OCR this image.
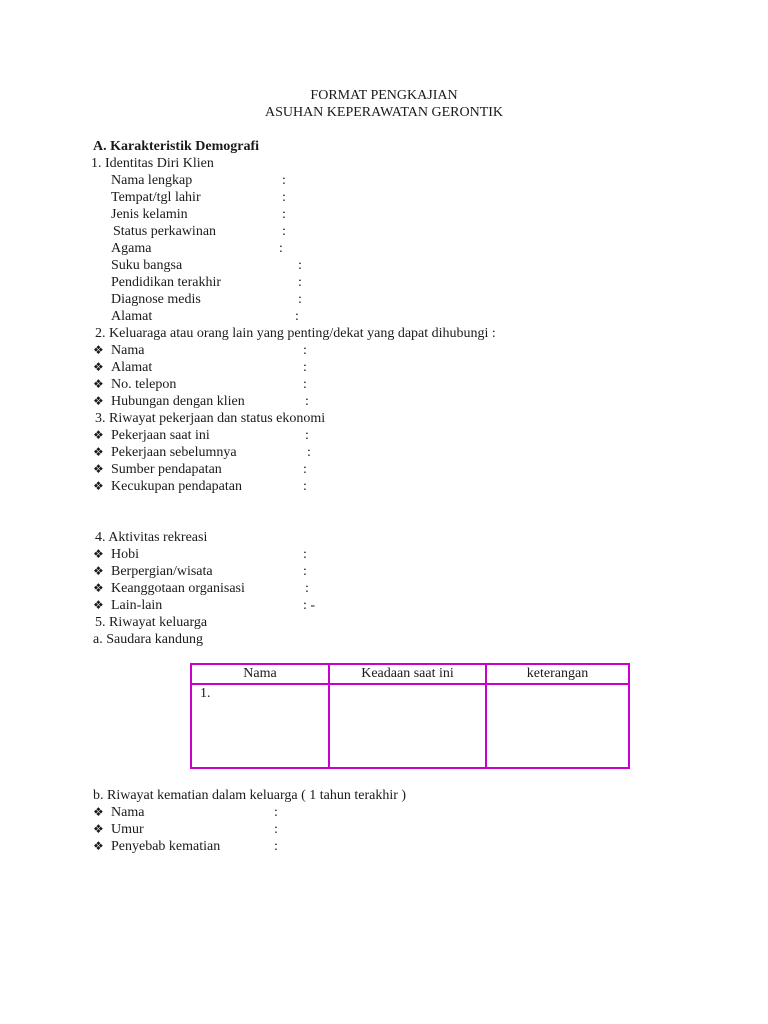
FORMAT PENGKAJIAN
ASUHAN KEPERAWATAN GERONTIK
A. Karakteristik Demografi
1. Identitas Diri Klien
Nama lengkap	:
Tempat/tgl lahir	:
Jenis kelamin	:
Status perkawinan	:
Agama	:
Suku bangsa	:
Pendidikan terakhir	:
Diagnose medis	:
Alamat	:
2. Keluaraga atau orang lain yang penting/dekat yang dapat dihubungi :
❖ Nama	:
❖ Alamat	:
❖ No. telepon	:
❖ Hubungan dengan klien	:
3. Riwayat pekerjaan dan status ekonomi
❖ Pekerjaan saat ini	:
❖ Pekerjaan sebelumnya	:
❖ Sumber pendapatan	:
❖ Kecukupan pendapatan	:
4. Aktivitas rekreasi
❖ Hobi	:
❖ Berpergian/wisata	:
❖ Keanggotaan organisasi	:
❖ Lain-lain	: -
5. Riwayat keluarga
a. Saudara kandung
Nama	Keadaan saat ini	keterangan
1.		
b. Riwayat kematian dalam keluarga ( 1 tahun terakhir )
❖ Nama	:
❖ Umur	:
❖ Penyebab kematian	:
